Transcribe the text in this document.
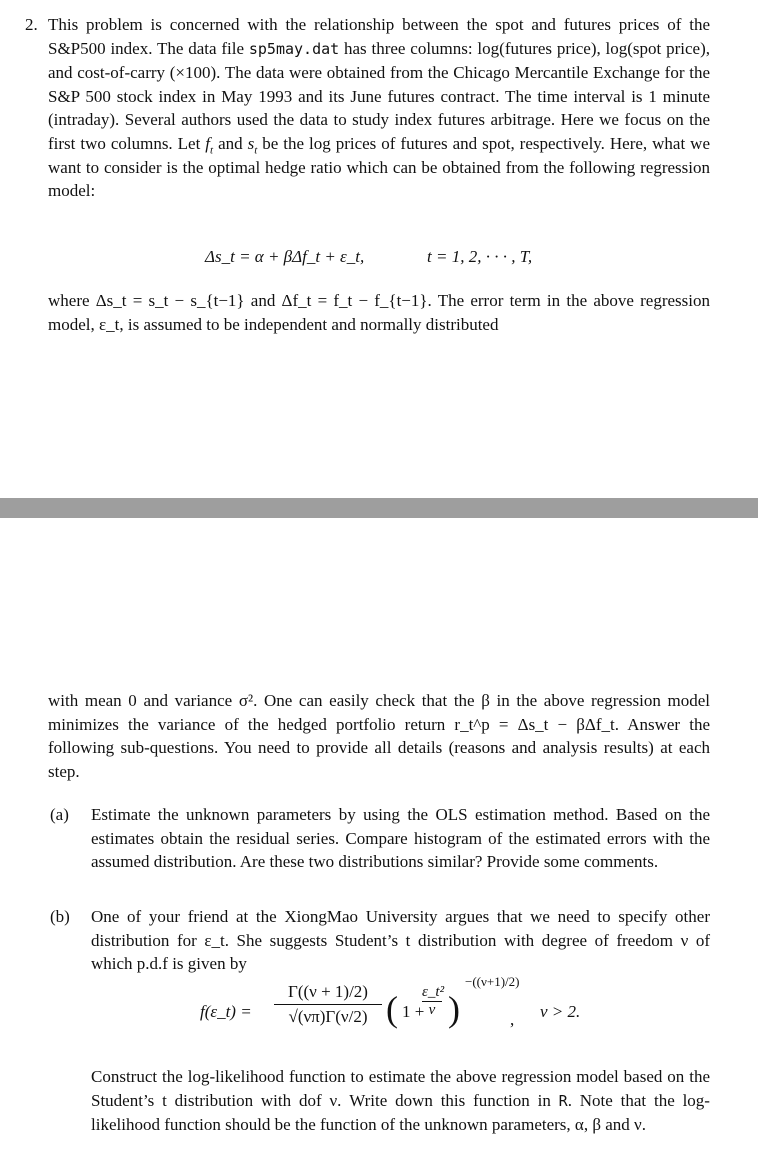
2. This problem is concerned with the relationship between the spot and futures prices of the S&P500 index. The data file sp5may.dat has three columns: log(futures price), log(spot price), and cost-of-carry (×100). The data were obtained from the Chicago Mercantile Exchange for the S&P 500 stock index in May 1993 and its June futures contract. The time interval is 1 minute (intraday). Several authors used the data to study index futures arbitrage. Here we focus on the first two columns. Let $f_t$ and $s_t$ be the log prices of futures and spot, respectively. Here, what we want to consider is the optimal hedge ratio which can be obtained from the following regression model:

Δs_t = α + βΔf_t + ε_t,	t = 1, 2, · · · , T,

where Δs_t = s_t − s_{t−1} and Δf_t = f_t − f_{t−1}. The error term in the above regression model, ε_t, is assumed to be independent and normally distributed

with mean 0 and variance σ². One can easily check that the β in the above regression model minimizes the variance of the hedged portfolio return r_t^p = Δs_t − βΔf_t. Answer the following sub-questions. You need to provide all details (reasons and analysis results) at each step.

(a) Estimate the unknown parameters by using the OLS estimation method. Based on the estimates obtain the residual series. Compare histogram of the estimated errors with the assumed distribution. Are these two distributions similar? Provide some comments.

(b) One of your friend at the XiongMao University argues that we need to specify other distribution for ε_t. She suggests Student’s t distribution with degree of freedom ν of which p.d.f is given by

f(ε_t) = $\frac{\Gamma((\nu + 1)/2)}{√(\nu\pi)\Gamma(\nu/2)}$ ( 1 +
$\frac{\text{ε\_t²}}{\nu}$ )
−((ν+1)/2)
, ν > 2.

Construct the log-likelihood function to estimate the above regression model based on the Student’s t distribution with dof ν. Write down this function in R. Note that the log-likelihood function should be the function of the unknown parameters, α, β and ν.
